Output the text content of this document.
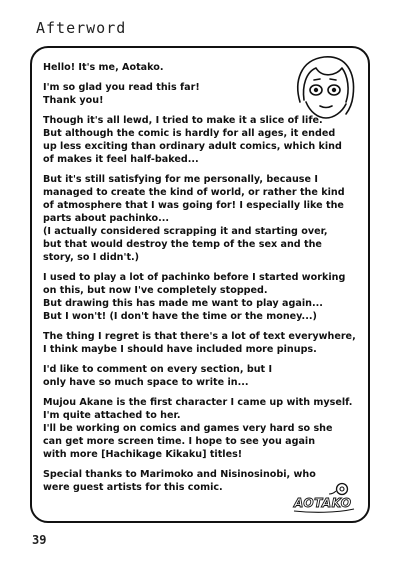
Afterword

Hello! It's me, Aotako.

I'm so glad you read this far!
Thank you!

Though it's all lewd, I tried to make it a slice of life.
But although the comic is hardly for all ages, it ended
up less exciting than ordinary adult comics, which kind
of makes it feel half-baked...

But it's still satisfying for me personally, because I
managed to create the kind of world, or rather the kind
of atmosphere that I was going for! I especially like the
parts about pachinko...
(I actually considered scrapping it and starting over,
but that would destroy the temp of the sex and the
story, so I didn't.)

I used to play a lot of pachinko before I started working
on this, but now I've completely stopped.
But drawing this has made me want to play again...
But I won't! (I don't have the time or the money...)

The thing I regret is that there's a lot of text everywhere,
I think maybe I should have included more pinups.

I'd like to comment on every section, but I
only have so much space to write in...

Mujou Akane is the first character I came up with myself.
I'm quite attached to her.
I'll be working on comics and games very hard so she
can get more screen time. I hope to see you again
with more [Hachikage Kikaku] titles!

Special thanks to Marimoko and Nisinosinobi, who
were guest artists for this comic.

AOTAKO
39
